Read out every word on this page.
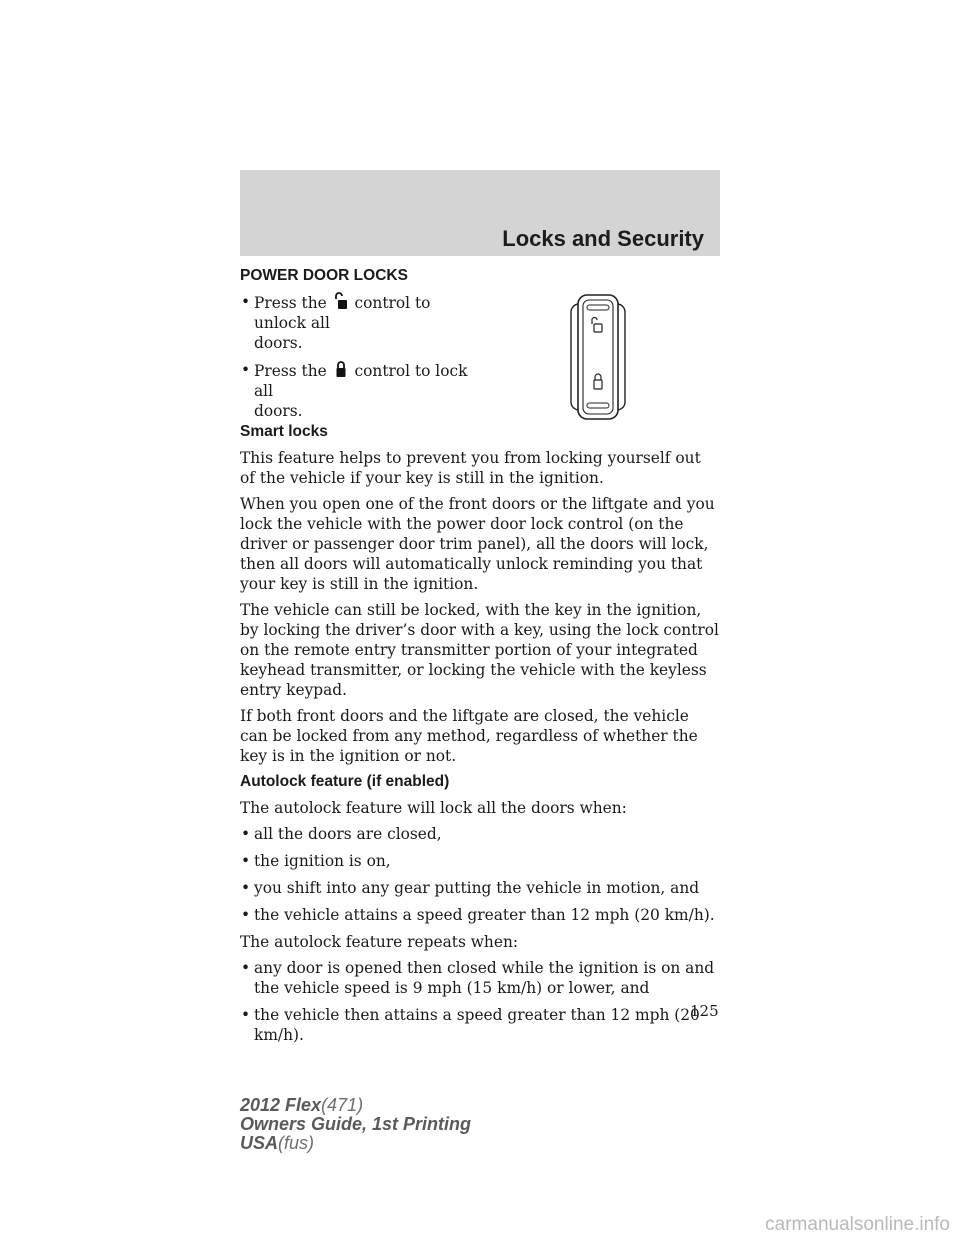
Locks and Security
POWER DOOR LOCKS
• Press the control to unlock all
doors.
• Press the control to lock all
doors.
Smart locks

This feature helps to prevent you from locking yourself out of the vehicle if your key is still in the ignition.

When you open one of the front doors or the liftgate and you lock the vehicle with the power door lock control (on the driver or passenger door trim panel), all the doors will lock, then all doors will automatically unlock reminding you that your key is still in the ignition.

The vehicle can still be locked, with the key in the ignition, by locking the driver’s door with a key, using the lock control on the remote entry transmitter portion of your integrated keyhead transmitter, or locking the vehicle with the keyless entry keypad.

If both front doors and the liftgate are closed, the vehicle can be locked from any method, regardless of whether the key is in the ignition or not.

Autolock feature (if enabled)

The autolock feature will lock all the doors when:

• all the doors are closed,
• the ignition is on,
• you shift into any gear putting the vehicle in motion, and
• the vehicle attains a speed greater than 12 mph (20 km/h).

The autolock feature repeats when:

• any door is opened then closed while the ignition is on and the vehicle speed is 9 mph (15 km/h) or lower, and
• the vehicle then attains a speed greater than 12 mph (20 km/h).
125
2012 Flex(471)
Owners Guide, 1st Printing
USA(fus)
carmanualsonline.info
